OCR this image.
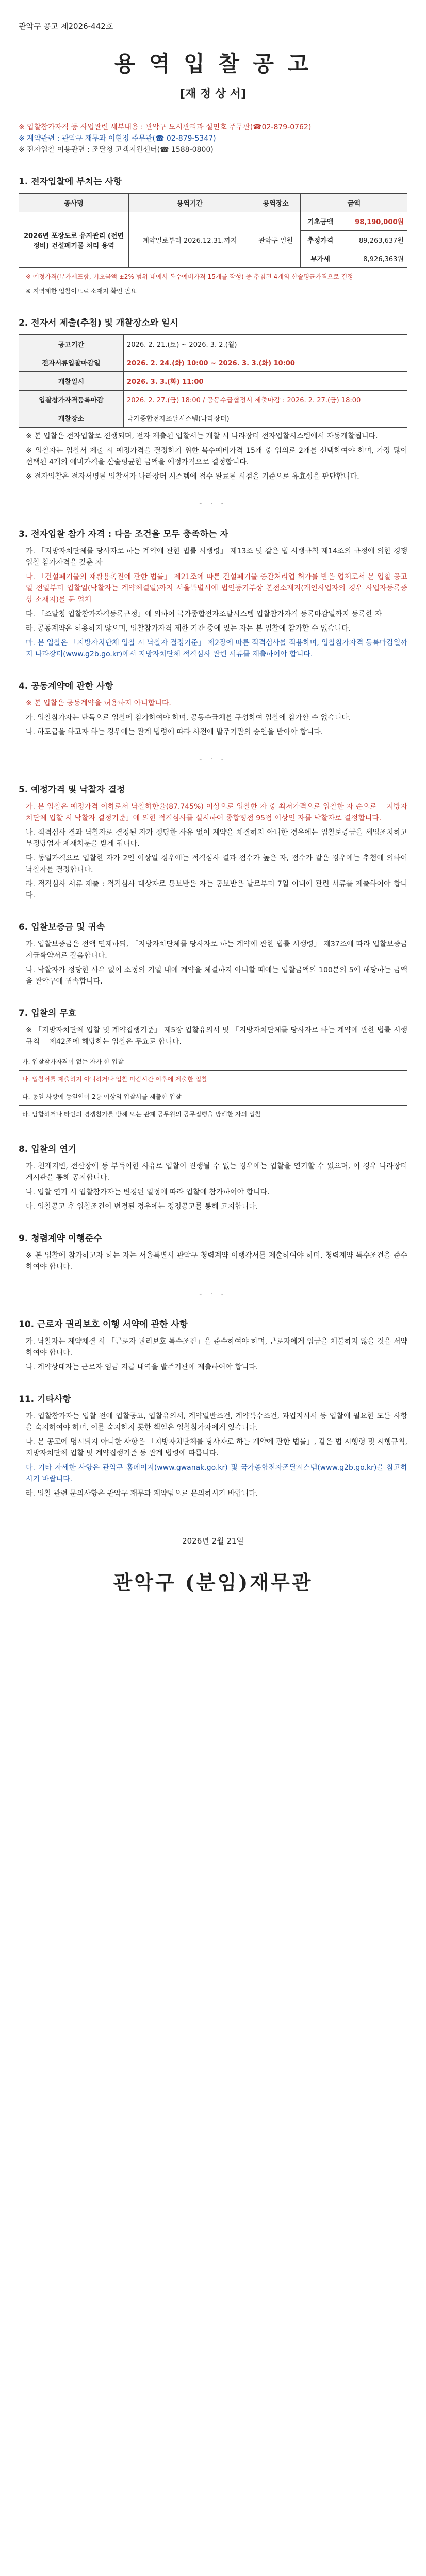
관악구 공고 제2026-442호
용 역 입 찰 공 고
[재 정 상 서]
※ 입찰참가자격 등 사업관련 세부내용 : 관악구 도시관리과 설민호 주무관(☎02-879-0762)
※ 계약관련 : 관악구 재무과 이현정 주무관(☎ 02-879-5347)
※ 전자입찰 이용관련 : 조달청 고객지원센터(☎ 1588-0800)
1. 전자입찰에 부치는 사항
공사명	용역기간	용역장소	금액	
2026년 포장도로 유지관리 (전면정비) 건설폐기물 처리 용역	계약일로부터 2026.12.31.까지	관악구 일원	기초금액	98,190,000원
			추정가격	89,263,637원
			부가세	8,926,363원
※ 예정가격(부가세포함, 기초금액 ±2% 범위 내에서 복수예비가격 15개를 작성) 중 추첨된 4개의 산술평균가격으로 결정
※ 지역제한 입찰이므로 소재지 확인 필요
2. 전자서 제출(추첨) 및 개찰장소와 일시
공고기간	2026. 2. 21.(토) ~ 2026. 3. 2.(월)
전자서류입찰마감일	2026. 2. 24.(화) 10:00 ~ 2026. 3. 3.(화) 10:00
개찰일시	2026. 3. 3.(화) 11:00
입찰참가자격등록마감	2026. 2. 27.(금) 18:00 / 공동수급협정서 제출마감 : 2026. 2. 27.(금) 18:00
개찰장소	국가종합전자조달시스템(나라장터)
※ 본 입찰은 전자입찰로 진행되며, 전자 제출된 입찰서는 개찰 시 나라장터 전자입찰시스템에서 자동개찰됩니다.
※ 입찰자는 입찰서 제출 시 예정가격을 결정하기 위한 복수예비가격 15개 중 임의로 2개를 선택하여야 하며, 가장 많이 선택된 4개의 예비가격을 산술평균한 금액을 예정가격으로 결정합니다.
※ 전자입찰은 전자서명된 입찰서가 나라장터 시스템에 접수 완료된 시점을 기준으로 유효성을 판단합니다.
- · -
3. 전자입찰 참가 자격 : 다음 조건을 모두 충족하는 자
가. 「지방자치단체를 당사자로 하는 계약에 관한 법률 시행령」 제13조 및 같은 법 시행규칙 제14조의 규정에 의한 경쟁입찰 참가자격을 갖춘 자
나. 「건설폐기물의 재활용촉진에 관한 법률」 제21조에 따른 건설폐기물 중간처리업 허가를 받은 업체로서 본 입찰 공고일 전일부터 입찰일(낙찰자는 계약체결일)까지 서울특별시에 법인등기부상 본점소재지(개인사업자의 경우 사업자등록증상 소재지)를 둔 업체
다. 「조달청 입찰참가자격등록규정」에 의하여 국가종합전자조달시스템 입찰참가자격 등록마감일까지 등록한 자
라. 공동계약은 허용하지 않으며, 입찰참가자격 제한 기간 중에 있는 자는 본 입찰에 참가할 수 없습니다.
마. 본 입찰은 「지방자치단체 입찰 시 낙찰자 결정기준」 제2장에 따른 적격심사를 적용하며, 입찰참가자격 등록마감일까지 나라장터(www.g2b.go.kr)에서 지방자치단체 적격심사 관련 서류를 제출하여야 합니다.
4. 공동계약에 관한 사항
※ 본 입찰은 공동계약을 허용하지 아니합니다.
가. 입찰참가자는 단독으로 입찰에 참가하여야 하며, 공동수급체를 구성하여 입찰에 참가할 수 없습니다.
나. 하도급을 하고자 하는 경우에는 관계 법령에 따라 사전에 발주기관의 승인을 받아야 합니다.
- · -
5. 예정가격 및 낙찰자 결정
가. 본 입찰은 예정가격 이하로서 낙찰하한율(87.745%) 이상으로 입찰한 자 중 최저가격으로 입찰한 자 순으로 「지방자치단체 입찰 시 낙찰자 결정기준」에 의한 적격심사를 실시하여 종합평점 95점 이상인 자를 낙찰자로 결정합니다.
나. 적격심사 결과 낙찰자로 결정된 자가 정당한 사유 없이 계약을 체결하지 아니한 경우에는 입찰보증금을 세입조치하고 부정당업자 제재처분을 받게 됩니다.
다. 동일가격으로 입찰한 자가 2인 이상일 경우에는 적격심사 결과 점수가 높은 자, 점수가 같은 경우에는 추첨에 의하여 낙찰자를 결정합니다.
라. 적격심사 서류 제출 : 적격심사 대상자로 통보받은 자는 통보받은 날로부터 7일 이내에 관련 서류를 제출하여야 합니다.
6. 입찰보증금 및 귀속
가. 입찰보증금은 전액 면제하되, 「지방자치단체를 당사자로 하는 계약에 관한 법률 시행령」 제37조에 따라 입찰보증금 지급확약서로 갈음합니다.
나. 낙찰자가 정당한 사유 없이 소정의 기일 내에 계약을 체결하지 아니할 때에는 입찰금액의 100분의 5에 해당하는 금액을 관악구에 귀속합니다.
7. 입찰의 무효
※ 「지방자치단체 입찰 및 계약집행기준」 제5장 입찰유의서 및 「지방자치단체를 당사자로 하는 계약에 관한 법률 시행규칙」 제42조에 해당하는 입찰은 무효로 합니다.
가. 입찰참가자격이 없는 자가 한 입찰
나. 입찰서를 제출하지 아니하거나 입찰 마감시간 이후에 제출한 입찰
다. 동일 사항에 동일인이 2통 이상의 입찰서를 제출한 입찰
라. 담합하거나 타인의 경쟁참가를 방해 또는 관계 공무원의 공무집행을 방해한 자의 입찰
8. 입찰의 연기
가. 천재지변, 전산장애 등 부득이한 사유로 입찰이 진행될 수 없는 경우에는 입찰을 연기할 수 있으며, 이 경우 나라장터 게시판을 통해 공지합니다.
나. 입찰 연기 시 입찰참가자는 변경된 일정에 따라 입찰에 참가하여야 합니다.
다. 입찰공고 후 입찰조건이 변경된 경우에는 정정공고를 통해 고지합니다.
9. 청렴계약 이행준수
※ 본 입찰에 참가하고자 하는 자는 서울특별시 관악구 청렴계약 이행각서를 제출하여야 하며, 청렴계약 특수조건을 준수하여야 합니다.
- · -
10. 근로자 권리보호 이행 서약에 관한 사항
가. 낙찰자는 계약체결 시 「근로자 권리보호 특수조건」을 준수하여야 하며, 근로자에게 임금을 체불하지 않을 것을 서약하여야 합니다.
나. 계약상대자는 근로자 임금 지급 내역을 발주기관에 제출하여야 합니다.
11. 기타사항
가. 입찰참가자는 입찰 전에 입찰공고, 입찰유의서, 계약일반조건, 계약특수조건, 과업지시서 등 입찰에 필요한 모든 사항을 숙지하여야 하며, 이를 숙지하지 못한 책임은 입찰참가자에게 있습니다.
나. 본 공고에 명시되지 아니한 사항은 「지방자치단체를 당사자로 하는 계약에 관한 법률」, 같은 법 시행령 및 시행규칙, 지방자치단체 입찰 및 계약집행기준 등 관계 법령에 따릅니다.
다. 기타 자세한 사항은 관악구 홈페이지(www.gwanak.go.kr) 및 국가종합전자조달시스템(www.g2b.go.kr)을 참고하시기 바랍니다.
라. 입찰 관련 문의사항은 관악구 재무과 계약팀으로 문의하시기 바랍니다.
2026년 2월 21일
관악구 (분임)재무관
